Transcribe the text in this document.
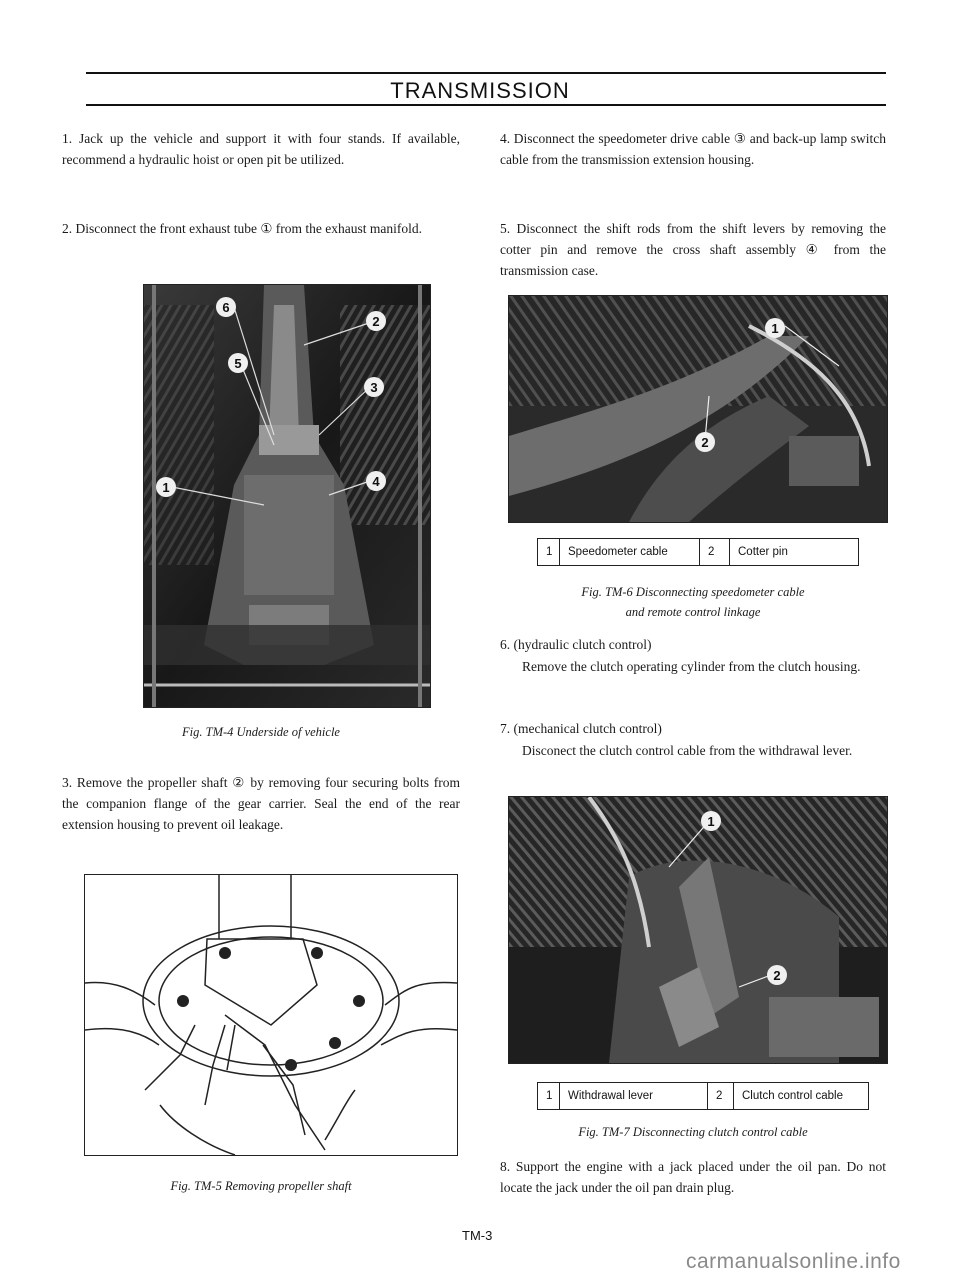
TRANSMISSION
1. Jack up the vehicle and support it with four stands. If available, recommend a hydraulic hoist or open pit be utilized.
2. Disconnect the front exhaust tube ① from the exhaust manifold.
6
5
2
3
1	4
Fig. TM-4 Underside of vehicle
3. Remove the propeller shaft ② by removing four securing bolts from the companion flange of the gear carrier. Seal the end of the rear extension housing to prevent oil leakage.
Fig. TM-5 Removing propeller shaft
4. Disconnect the speedometer drive cable ③ and back-up lamp switch cable from the transmission extension housing.
5. Disconnect the shift rods from the shift levers by removing the cotter pin and remove the cross shaft assembly ④ from the transmission case.
1
2
1	Speedometer cable	2	Cotter pin
Fig. TM-6 Disconnecting speedometer cable
and remote control linkage
6. (hydraulic clutch control)
Remove the clutch operating cylinder from the clutch housing.
7. (mechanical clutch control)
Disconect the clutch control cable from the withdrawal lever.
1
2
1	Withdrawal lever	2	Clutch control cable
Fig. TM-7 Disconnecting clutch control cable
8. Support the engine with a jack placed under the oil pan. Do not locate the jack under the oil pan drain plug.
TM-3
carmanualsonline.info
